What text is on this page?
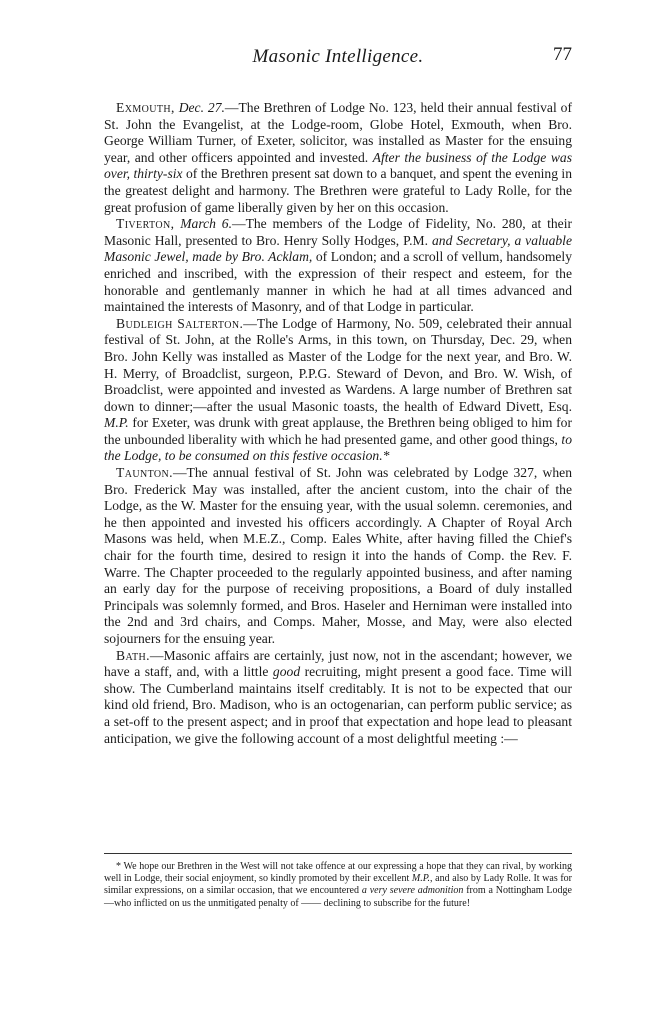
Masonic Intelligence.	77

Exmouth, Dec. 27.—The Brethren of Lodge No. 123, held their annual festival of St. John the Evangelist, at the Lodge-room, Globe Hotel, Exmouth, when Bro. George William Turner, of Exeter, solicitor, was installed as Master for the ensuing year, and other officers appointed and invested. After the business of the Lodge was over, thirty-six of the Brethren present sat down to a banquet, and spent the evening in the greatest delight and harmony. The Brethren were grateful to Lady Rolle, for the great profusion of game liberally given by her on this occasion.

Tiverton, March 6.—The members of the Lodge of Fidelity, No. 280, at their Masonic Hall, presented to Bro. Henry Solly Hodges, P.M. and Secretary, a valuable Masonic Jewel, made by Bro. Acklam, of London; and a scroll of vellum, handsomely enriched and inscribed, with the expression of their respect and esteem, for the honorable and gentlemanly manner in which he had at all times advanced and maintained the interests of Masonry, and of that Lodge in particular.

Budleigh Salterton.—The Lodge of Harmony, No. 509, celebrated their annual festival of St. John, at the Rolle's Arms, in this town, on Thursday, Dec. 29, when Bro. John Kelly was installed as Master of the Lodge for the next year, and Bro. W. H. Merry, of Broadclist, surgeon, P.P.G. Steward of Devon, and Bro. W. Wish, of Broadclist, were appointed and invested as Wardens. A large number of Brethren sat down to dinner;—after the usual Masonic toasts, the health of Edward Divett, Esq. M.P. for Exeter, was drunk with great applause, the Brethren being obliged to him for the unbounded liberality with which he had presented game, and other good things, to the Lodge, to be consumed on this festive occasion.*

Taunton.—The annual festival of St. John was celebrated by Lodge 327, when Bro. Frederick May was installed, after the ancient custom, into the chair of the Lodge, as the W. Master for the ensuing year, with the usual solemn. ceremonies, and he then appointed and invested his officers accordingly. A Chapter of Royal Arch Masons was held, when M.E.Z., Comp. Eales White, after having filled the Chief's chair for the fourth time, desired to resign it into the hands of Comp. the Rev. F. Warre. The Chapter proceeded to the regularly appointed business, and after naming an early day for the purpose of receiving propositions, a Board of duly installed Principals was solemnly formed, and Bros. Haseler and Herniman were installed into the 2nd and 3rd chairs, and Comps. Maher, Mosse, and May, were also elected sojourners for the ensuing year.

Bath.—Masonic affairs are certainly, just now, not in the ascendant; however, we have a staff, and, with a little good recruiting, might present a good face. Time will show. The Cumberland maintains itself creditably. It is not to be expected that our kind old friend, Bro. Madison, who is an octogenarian, can perform public service; as a set-off to the present aspect; and in proof that expectation and hope lead to pleasant anticipation, we give the following account of a most delightful meeting :—

* We hope our Brethren in the West will not take offence at our expressing a hope that they can rival, by working well in Lodge, their social enjoyment, so kindly promoted by their excellent M.P., and also by Lady Rolle. It was for similar expressions, on a similar occasion, that we encountered a very severe admonition from a Nottingham Lodge—who inflicted on us the unmitigated penalty of —— declining to subscribe for the future!
